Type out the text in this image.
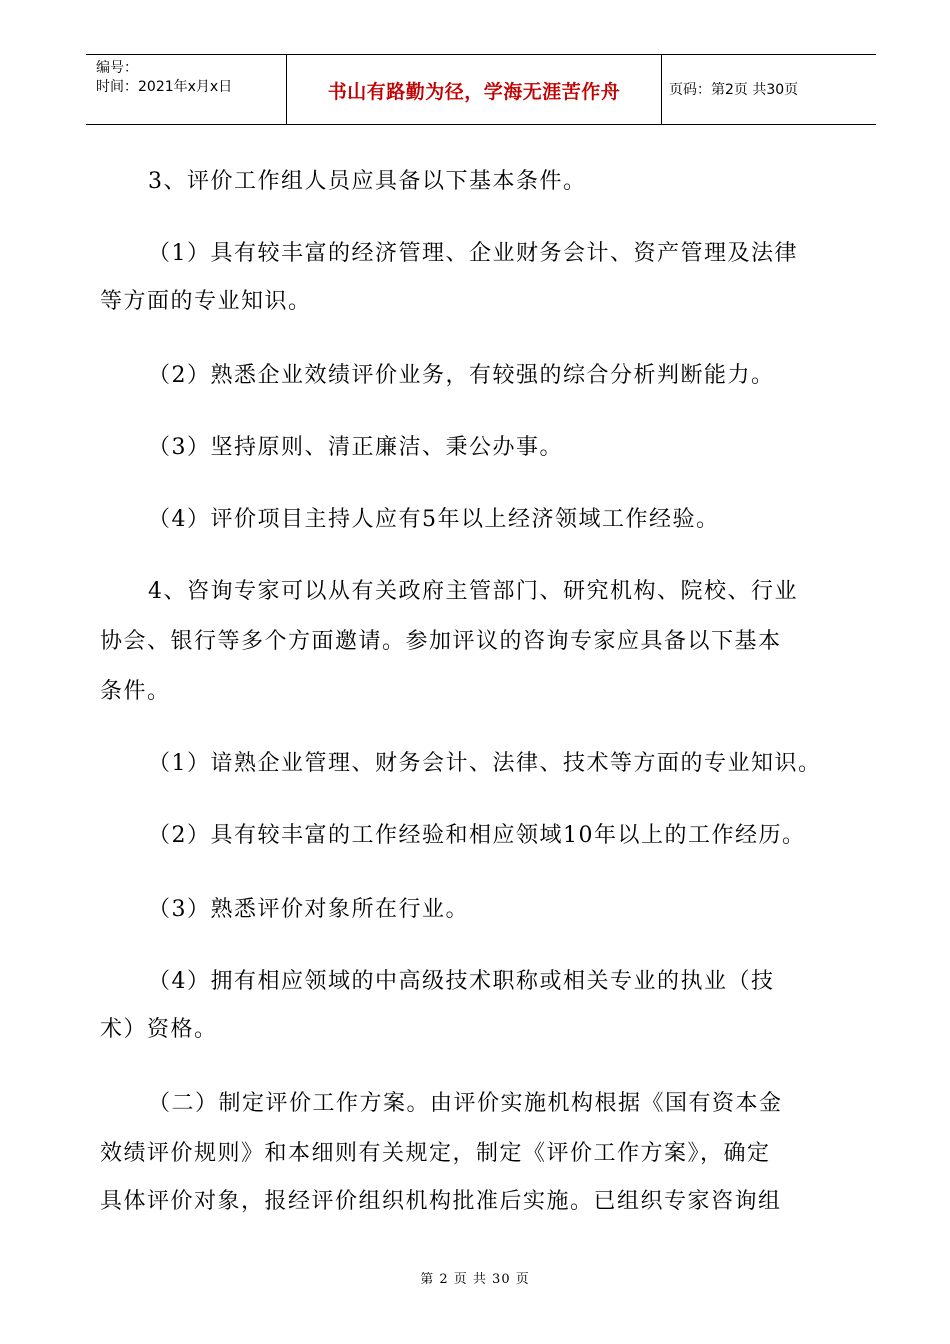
编号：
时间：2021年x月x日	书山有路勤为径，学海无涯苦作舟	页码：第2页 共30页
3、评价工作组人员应具备以下基本条件。
（1）具有较丰富的经济管理、企业财务会计、资产管理及法律
等方面的专业知识。
（2）熟悉企业效绩评价业务，有较强的综合分析判断能力。
（3）坚持原则、清正廉洁、秉公办事。
（4）评价项目主持人应有5年以上经济领域工作经验。
4、咨询专家可以从有关政府主管部门、研究机构、院校、行业
协会、银行等多个方面邀请。参加评议的咨询专家应具备以下基本
条件。
（1）谙熟企业管理、财务会计、法律、技术等方面的专业知识。
（2）具有较丰富的工作经验和相应领域10年以上的工作经历。
（3）熟悉评价对象所在行业。
（4）拥有相应领域的中高级技术职称或相关专业的执业（技
术）资格。
（二）制定评价工作方案。由评价实施机构根据《国有资本金
效绩评价规则》和本细则有关规定，制定《评价工作方案》，确定
具体评价对象，报经评价组织机构批准后实施。已组织专家咨询组
第 2 页 共 30 页
